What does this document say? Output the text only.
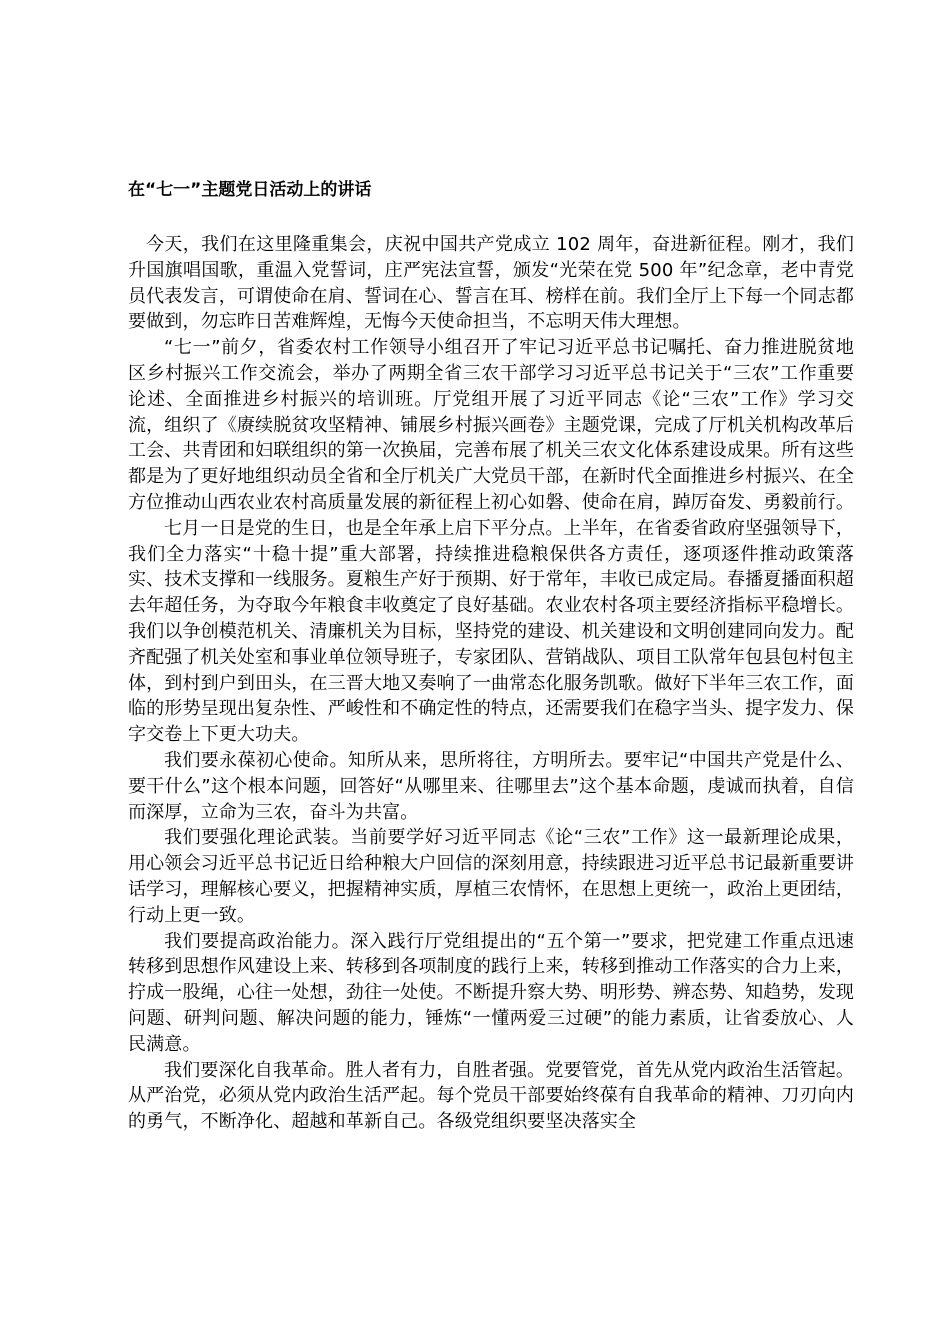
在“七一”主题党日活动上的讲话

今天，我们在这里隆重集会，庆祝中国共产党成立 102 周年，奋进新征程。刚才，我们升国旗唱国歌，重温入党誓词，庄严宪法宣誓，颁发“光荣在党 500 年”纪念章，老中青党员代表发言，可谓使命在肩、誓词在心、誓言在耳、榜样在前。我们全厅上下每一个同志都要做到，勿忘昨日苦难辉煌，无悔今天使命担当，不忘明天伟大理想。

“七一”前夕，省委农村工作领导小组召开了牢记习近平总书记嘱托、奋力推进脱贫地区乡村振兴工作交流会，举办了两期全省三农干部学习习近平总书记关于“三农”工作重要论述、全面推进乡村振兴的培训班。厅党组开展了习近平同志《论“三农”工作》学习交流，组织了《赓续脱贫攻坚精神、铺展乡村振兴画卷》主题党课，完成了厅机关机构改革后工会、共青团和妇联组织的第一次换届，完善布展了机关三农文化体系建设成果。所有这些都是为了更好地组织动员全省和全厅机关广大党员干部，在新时代全面推进乡村振兴、在全方位推动山西农业农村高质量发展的新征程上初心如磐、使命在肩，踔厉奋发、勇毅前行。

七月一日是党的生日，也是全年承上启下平分点。上半年，在省委省政府坚强领导下，我们全力落实“十稳十提”重大部署，持续推进稳粮保供各方责任，逐项逐件推动政策落实、技术支撑和一线服务。夏粮生产好于预期、好于常年，丰收已成定局。春播夏播面积超去年超任务，为夺取今年粮食丰收奠定了良好基础。农业农村各项主要经济指标平稳增长。我们以争创模范机关、清廉机关为目标，坚持党的建设、机关建设和文明创建同向发力。配齐配强了机关处室和事业单位领导班子，专家团队、营销战队、项目工队常年包县包村包主体，到村到户到田头，在三晋大地又奏响了一曲常态化服务凯歌。做好下半年三农工作，面临的形势呈现出复杂性、严峻性和不确定性的特点，还需要我们在稳字当头、提字发力、保字交卷上下更大功夫。

我们要永葆初心使命。知所从来，思所将往，方明所去。要牢记“中国共产党是什么、要干什么”这个根本问题，回答好“从哪里来、往哪里去”这个基本命题，虔诚而执着，自信而深厚，立命为三农，奋斗为共富。

我们要强化理论武装。当前要学好习近平同志《论“三农”工作》这一最新理论成果，用心领会习近平总书记近日给种粮大户回信的深刻用意，持续跟进习近平总书记最新重要讲话学习，理解核心要义，把握精神实质，厚植三农情怀，在思想上更统一，政治上更团结，行动上更一致。

我们要提高政治能力。深入践行厅党组提出的“五个第一”要求，把党建工作重点迅速转移到思想作风建设上来、转移到各项制度的践行上来，转移到推动工作落实的合力上来，拧成一股绳，心往一处想，劲往一处使。不断提升察大势、明形势、辨态势、知趋势，发现问题、研判问题、解决问题的能力，锤炼“一懂两爱三过硬”的能力素质，让省委放心、人民满意。

我们要深化自我革命。胜人者有力，自胜者强。党要管党，首先从党内政治生活管起。从严治党，必须从党内政治生活严起。每个党员干部要始终葆有自我革命的精神、刀刃向内的勇气，不断净化、超越和革新自己。各级党组织要坚决落实全
